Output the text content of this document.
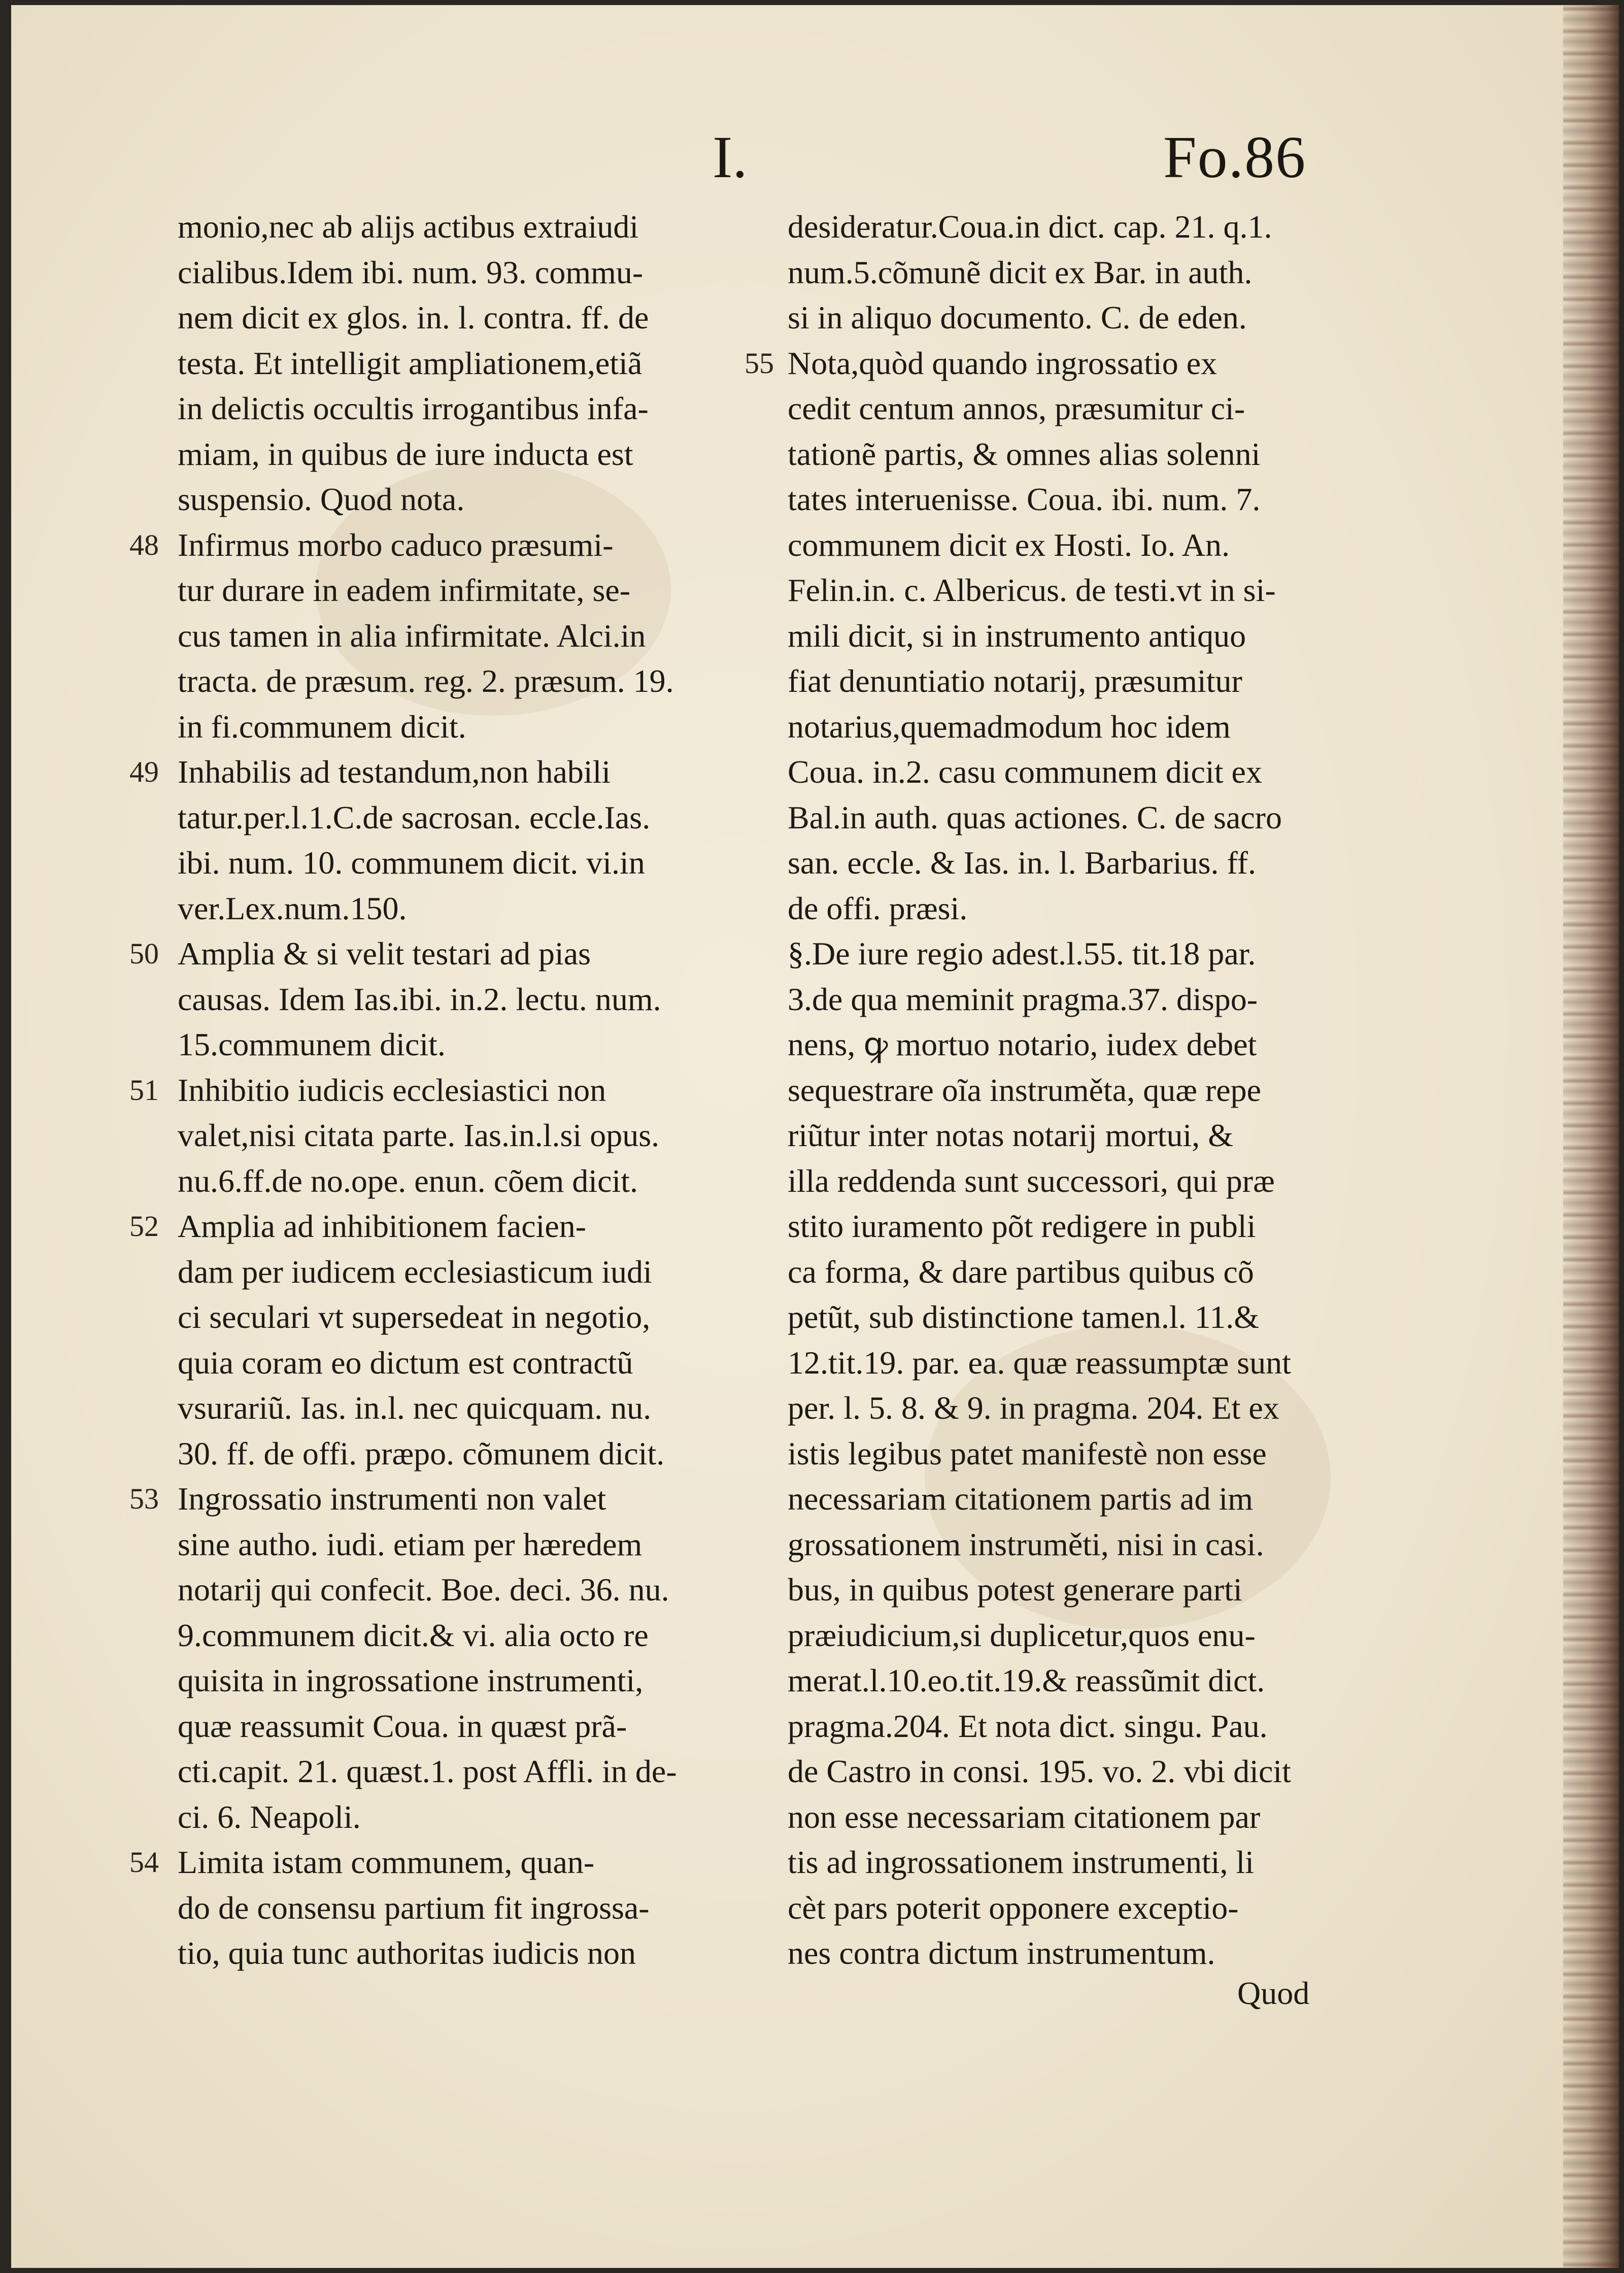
I.	Fo.86
monio,nec ab alijs actibus extraiudi
cialibus.Idem ibi. num. 93. commu-
nem dicit ex glos. in. l. contra. ff. de
testa. Et intelligit ampliationem,etiã
in delictis occultis irrogantibus infa-
miam, in quibus de iure inducta est
suspensio. Quod nota.
48 Infirmus morbo caduco præsumi-
tur durare in eadem infirmitate, se-
cus tamen in alia infirmitate. Alci.in
tracta. de præsum. reg. 2. præsum. 19.
in fi.communem dicit.
49 Inhabilis ad testandum,non habili
tatur.per.l.1.C.de sacrosan. eccle.Ias.
ibi. num. 10. communem dicit. vi.in
ver.Lex.num.150.
50 Amplia & si velit testari ad pias
causas. Idem Ias.ibi. in.2. lectu. num.
15.communem dicit.
51 Inhibitio iudicis ecclesiastici non
valet,nisi citata parte. Ias.in.l.si opus.
nu.6.ff.de no.ope. enun. cõem dicit.
52 Amplia ad inhibitionem facien-
dam per iudicem ecclesiasticum iudi
ci seculari vt supersedeat in negotio,
quia coram eo dictum est contractũ
vsurariũ. Ias. in.l. nec quicquam. nu.
30. ff. de offi. præpo. cõmunem dicit.
53 Ingrossatio instrumenti non valet
sine autho. iudi. etiam per hæredem
notarij qui confecit. Boe. deci. 36. nu.
9.communem dicit.& vi. alia octo re
quisita in ingrossatione instrumenti,
quæ reassumit Coua. in quæst prã-
cti.capit. 21. quæst.1. post Affli. in de-
ci. 6. Neapoli.
54 Limita istam communem, quan-
do de consensu partium fit ingrossa-
tio, quia tunc authoritas iudicis non
desideratur.Coua.in dict. cap. 21. q.1.
num.5.cõmunẽ dicit ex Bar. in auth.
si in aliquo documento. C. de eden.
55 Nota,quòd quando ingrossatio ex
cedit centum annos, præsumitur ci-
tationẽ partis, & omnes alias solenni
tates interuenisse. Coua. ibi. num. 7.
communem dicit ex Hosti. Io. An.
Felin.in. c. Albericus. de testi.vt in si-
mili dicit, si in instrumento antiquo
fiat denuntiatio notarij, præsumitur
notarius,quemadmodum hoc idem
Coua. in.2. casu communem dicit ex
Bal.in auth. quas actiones. C. de sacro
san. eccle. & Ias. in. l. Barbarius. ff.
de offi. præsi.
§.De iure regio adest.l.55. tit.18 par.
3.de qua meminit pragma.37. dispo-
nens, ꝙ mortuo notario, iudex debet
sequestrare oĩa instruměta, quæ repe
riũtur inter notas notarij mortui, &
illa reddenda sunt successori, qui præ
stito iuramento põt redigere in publi
ca forma, & dare partibus quibus cõ
petũt, sub distinctione tamen.l. 11.&
12.tit.19. par. ea. quæ reassumptæ sunt
per. l. 5. 8. & 9. in pragma. 204. Et ex
istis legibus patet manifestè non esse
necessariam citationem partis ad im
grossationem instruměti, nisi in casi.
bus, in quibus potest generare parti
præiudicium,si duplicetur,quos enu-
merat.l.10.eo.tit.19.& reassũmit dict.
pragma.204. Et nota dict. singu. Pau.
de Castro in consi. 195. vo. 2. vbi dicit
non esse necessariam citationem par
tis ad ingrossationem instrumenti, li
cèt pars poterit opponere exceptio-
nes contra dictum instrumentum.
Quod
